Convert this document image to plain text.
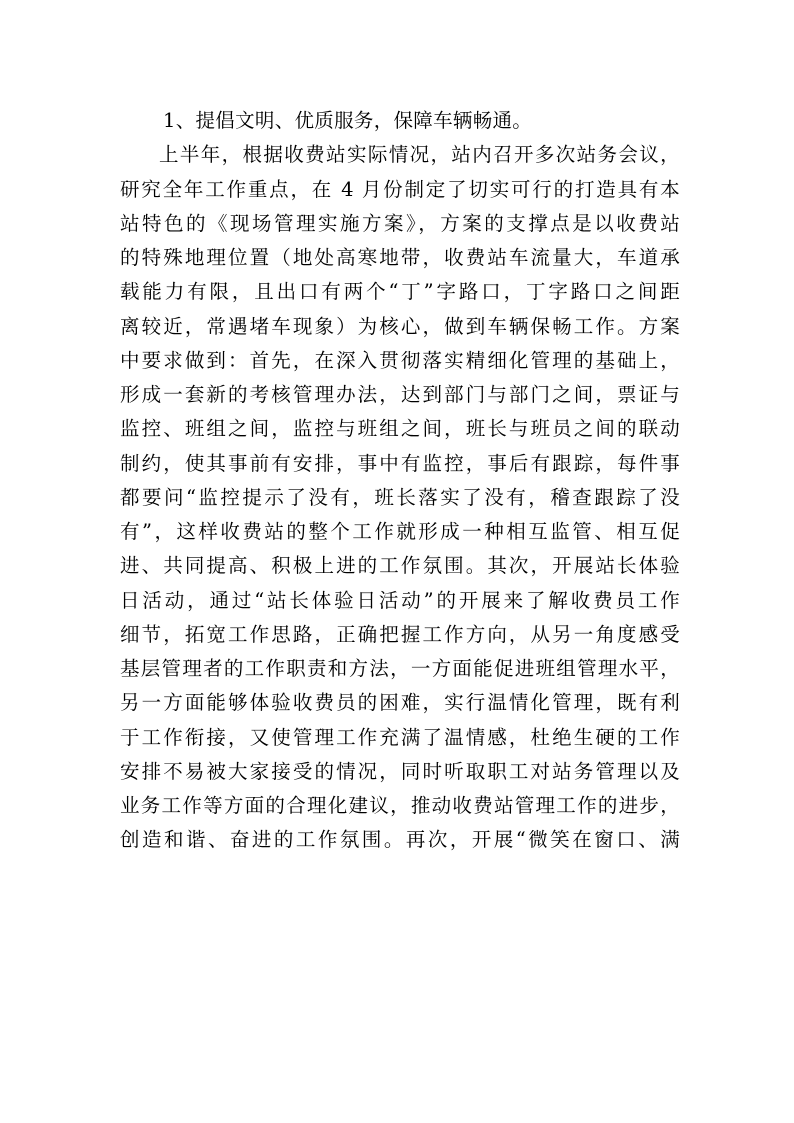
1、提倡文明、优质服务，保障车辆畅通。
上半年，根据收费站实际情况，站内召开多次站务会议，
研究全年工作重点，在 4 月份制定了切实可行的打造具有本
站特色的《现场管理实施方案》，方案的支撑点是以收费站
的特殊地理位置（地处高寒地带，收费站车流量大，车道承
载能力有限，且出口有两个“丁”字路口，丁字路口之间距
离较近，常遇堵车现象）为核心，做到车辆保畅工作。方案
中要求做到：首先，在深入贯彻落实精细化管理的基础上，
形成一套新的考核管理办法，达到部门与部门之间，票证与
监控、班组之间，监控与班组之间，班长与班员之间的联动
制约，使其事前有安排，事中有监控，事后有跟踪，每件事
都要问“监控提示了没有，班长落实了没有，稽查跟踪了没
有”，这样收费站的整个工作就形成一种相互监管、相互促
进、共同提高、积极上进的工作氛围。其次，开展站长体验
日活动，通过“站长体验日活动”的开展来了解收费员工作
细节，拓宽工作思路，正确把握工作方向，从另一角度感受
基层管理者的工作职责和方法，一方面能促进班组管理水平，
另一方面能够体验收费员的困难，实行温情化管理，既有利
于工作衔接，又使管理工作充满了温情感，杜绝生硬的工作
安排不易被大家接受的情况，同时听取职工对站务管理以及
业务工作等方面的合理化建议，推动收费站管理工作的进步，
创造和谐、奋进的工作氛围。再次，开展“微笑在窗口、满
